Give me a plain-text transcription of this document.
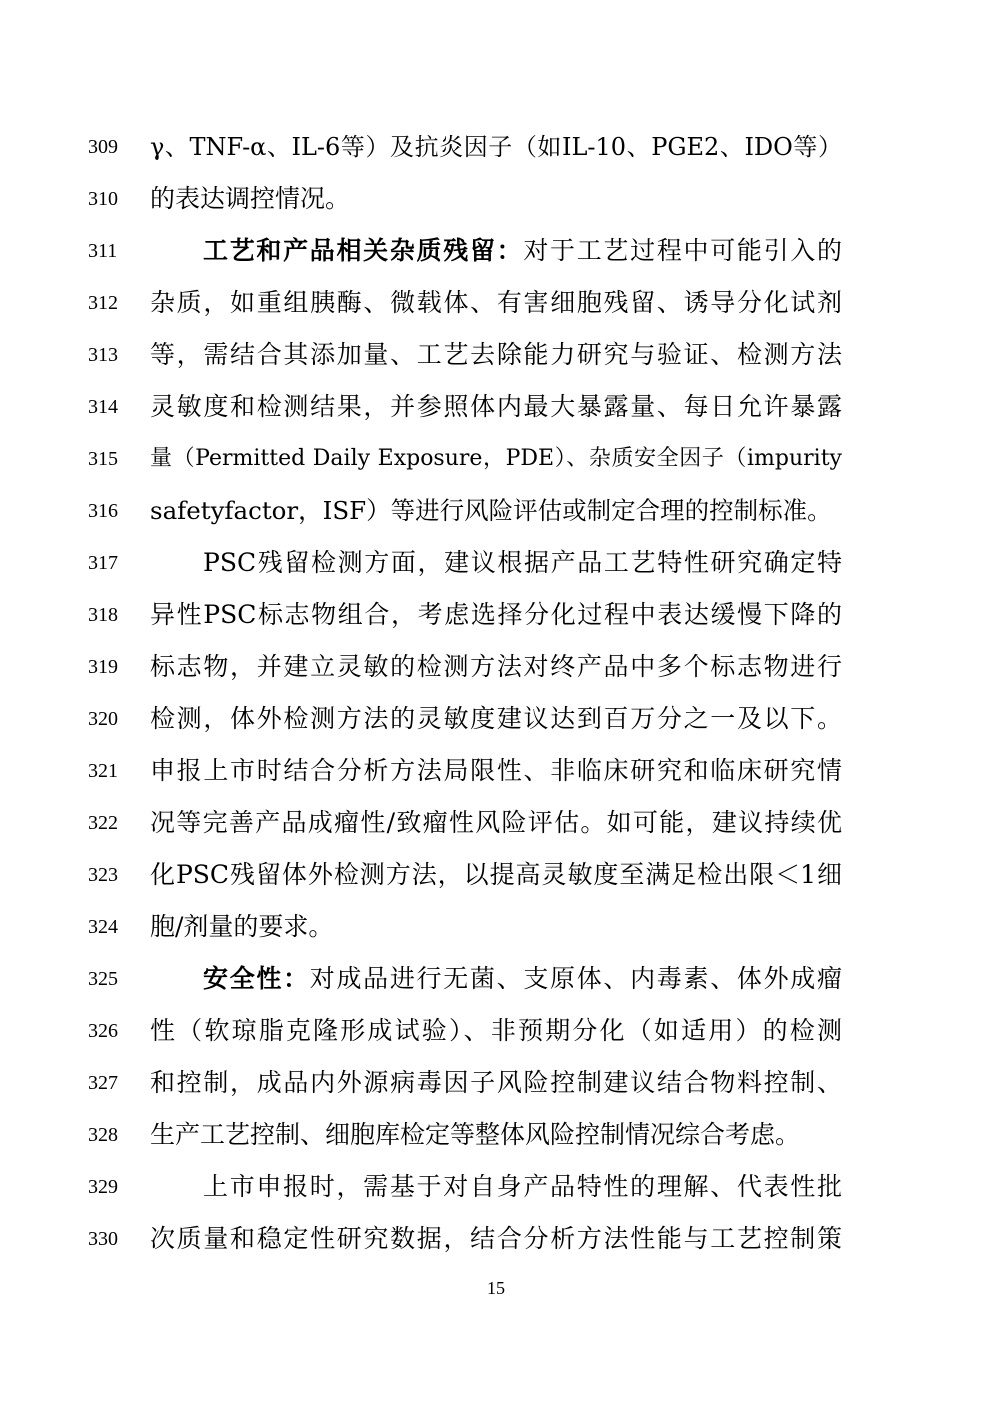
309	γ、TNF-α、IL-6等）及抗炎因子（如IL-10、PGE2、IDO等）
310	的表达调控情况。
311	工艺和产品相关杂质残留：对于工艺过程中可能引入的
312	杂质，如重组胰酶、微载体、有害细胞残留、诱导分化试剂
313	等，需结合其添加量、工艺去除能力研究与验证、检测方法
314	灵敏度和检测结果，并参照体内最大暴露量、每日允许暴露
315	量（Permitted Daily Exposure，PDE）、杂质安全因子（impurity
316	safetyfactor，ISF）等进行风险评估或制定合理的控制标准。
317	PSC残留检测方面，建议根据产品工艺特性研究确定特
318	异性PSC标志物组合，考虑选择分化过程中表达缓慢下降的
319	标志物，并建立灵敏的检测方法对终产品中多个标志物进行
320	检测，体外检测方法的灵敏度建议达到百万分之一及以下。
321	申报上市时结合分析方法局限性、非临床研究和临床研究情
322	况等完善产品成瘤性/致瘤性风险评估。如可能，建议持续优
323	化PSC残留体外检测方法，以提高灵敏度至满足检出限＜1细
324	胞/剂量的要求。
325	安全性：对成品进行无菌、支原体、内毒素、体外成瘤
326	性（软琼脂克隆形成试验）、非预期分化（如适用）的检测
327	和控制，成品内外源病毒因子风险控制建议结合物料控制、
328	生产工艺控制、细胞库检定等整体风险控制情况综合考虑。
329	上市申报时，需基于对自身产品特性的理解、代表性批
330	次质量和稳定性研究数据，结合分析方法性能与工艺控制策
15
